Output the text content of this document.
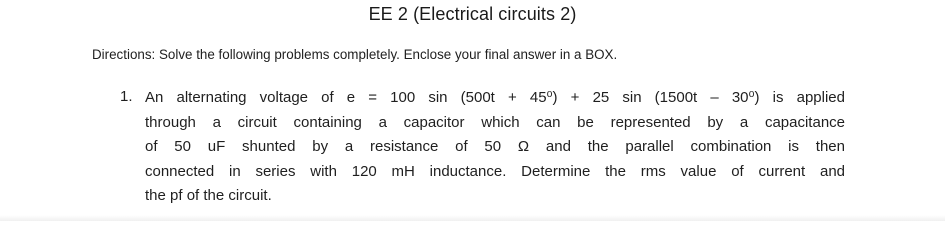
EE 2 (Electrical circuits 2)
Directions: Solve the following problems completely. Enclose your final answer in a BOX.
1. An alternating voltage of e = 100 sin (500t + 45⁰) + 25 sin (1500t – 30⁰) is applied
through a circuit containing a capacitor which can be represented by a capacitance
of 50 uF shunted by a resistance of 50 Ω and the parallel combination is then
connected in series with 120 mH inductance. Determine the rms value of current and
the pf of the circuit.
